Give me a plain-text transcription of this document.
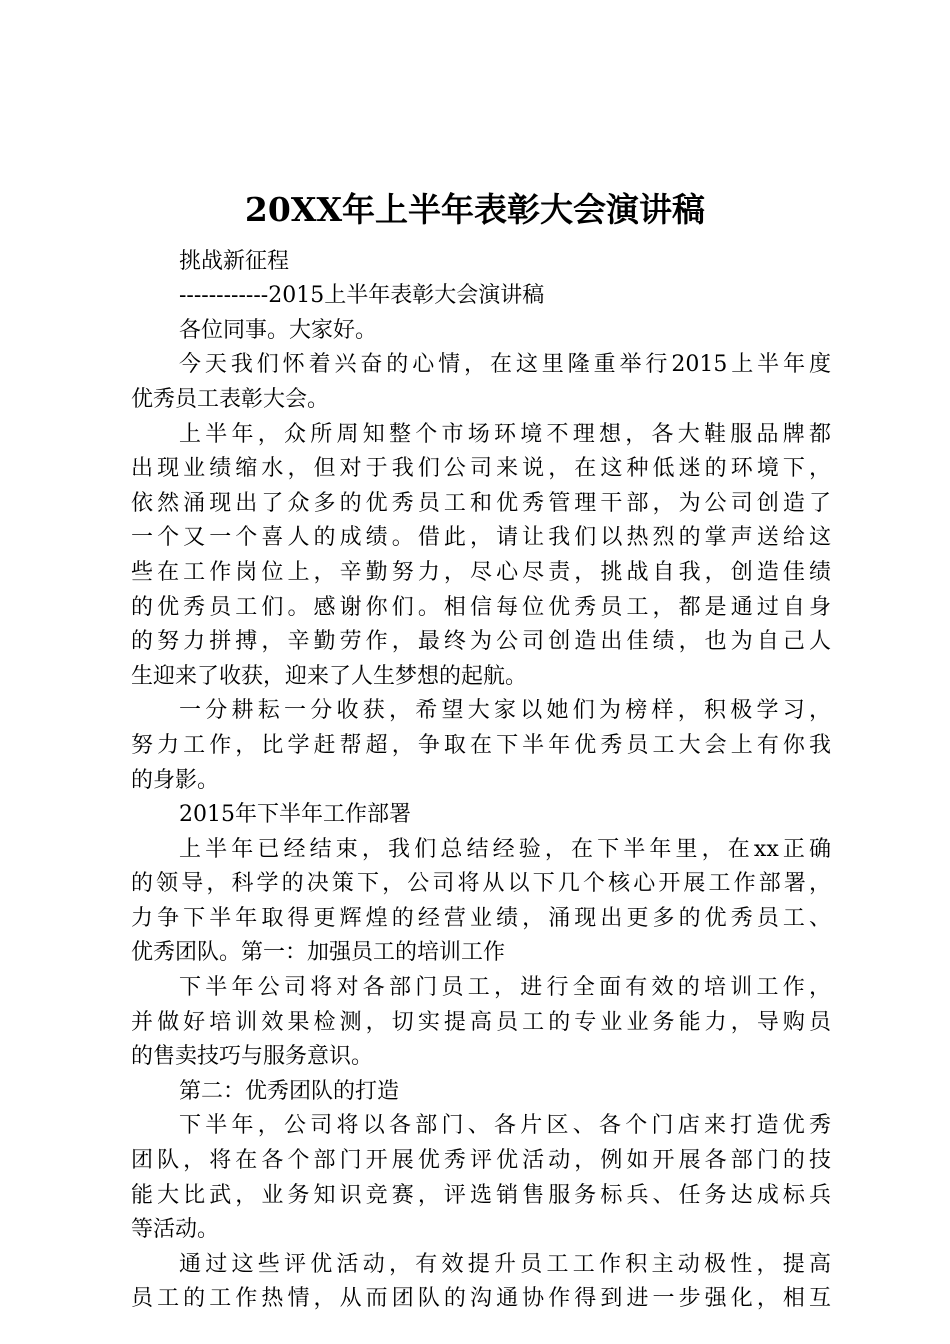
20XX年上半年表彰大会演讲稿
挑战新征程
------------2015上半年表彰大会演讲稿
各位同事。大家好。
今天我们怀着兴奋的心情，在这里隆重举行2015上半年度
优秀员工表彰大会。
上半年，众所周知整个市场环境不理想，各大鞋服品牌都
出现业绩缩水，但对于我们公司来说，在这种低迷的环境下，
依然涌现出了众多的优秀员工和优秀管理干部，为公司创造了
一个又一个喜人的成绩。借此，请让我们以热烈的掌声送给这
些在工作岗位上，辛勤努力，尽心尽责，挑战自我，创造佳绩
的优秀员工们。感谢你们。相信每位优秀员工，都是通过自身
的努力拼搏，辛勤劳作，最终为公司创造出佳绩，也为自己人
生迎来了收获，迎来了人生梦想的起航。
一分耕耘一分收获，希望大家以她们为榜样，积极学习，
努力工作，比学赶帮超，争取在下半年优秀员工大会上有你我
的身影。
2015年下半年工作部署
上半年已经结束，我们总结经验，在下半年里，在xx正确
的领导，科学的决策下，公司将从以下几个核心开展工作部署，
力争下半年取得更辉煌的经营业绩，涌现出更多的优秀员工、
优秀团队。第一：加强员工的培训工作
下半年公司将对各部门员工，进行全面有效的培训工作，
并做好培训效果检测，切实提高员工的专业业务能力，导购员
的售卖技巧与服务意识。
第二：优秀团队的打造
下半年，公司将以各部门、各片区、各个门店来打造优秀
团队，将在各个部门开展优秀评优活动，例如开展各部门的技
能大比武，业务知识竞赛，评选销售服务标兵、任务达成标兵
等活动。
通过这些评优活动，有效提升员工工作积主动极性，提高
员工的工作热情，从而团队的沟通协作得到进一步强化，相互
